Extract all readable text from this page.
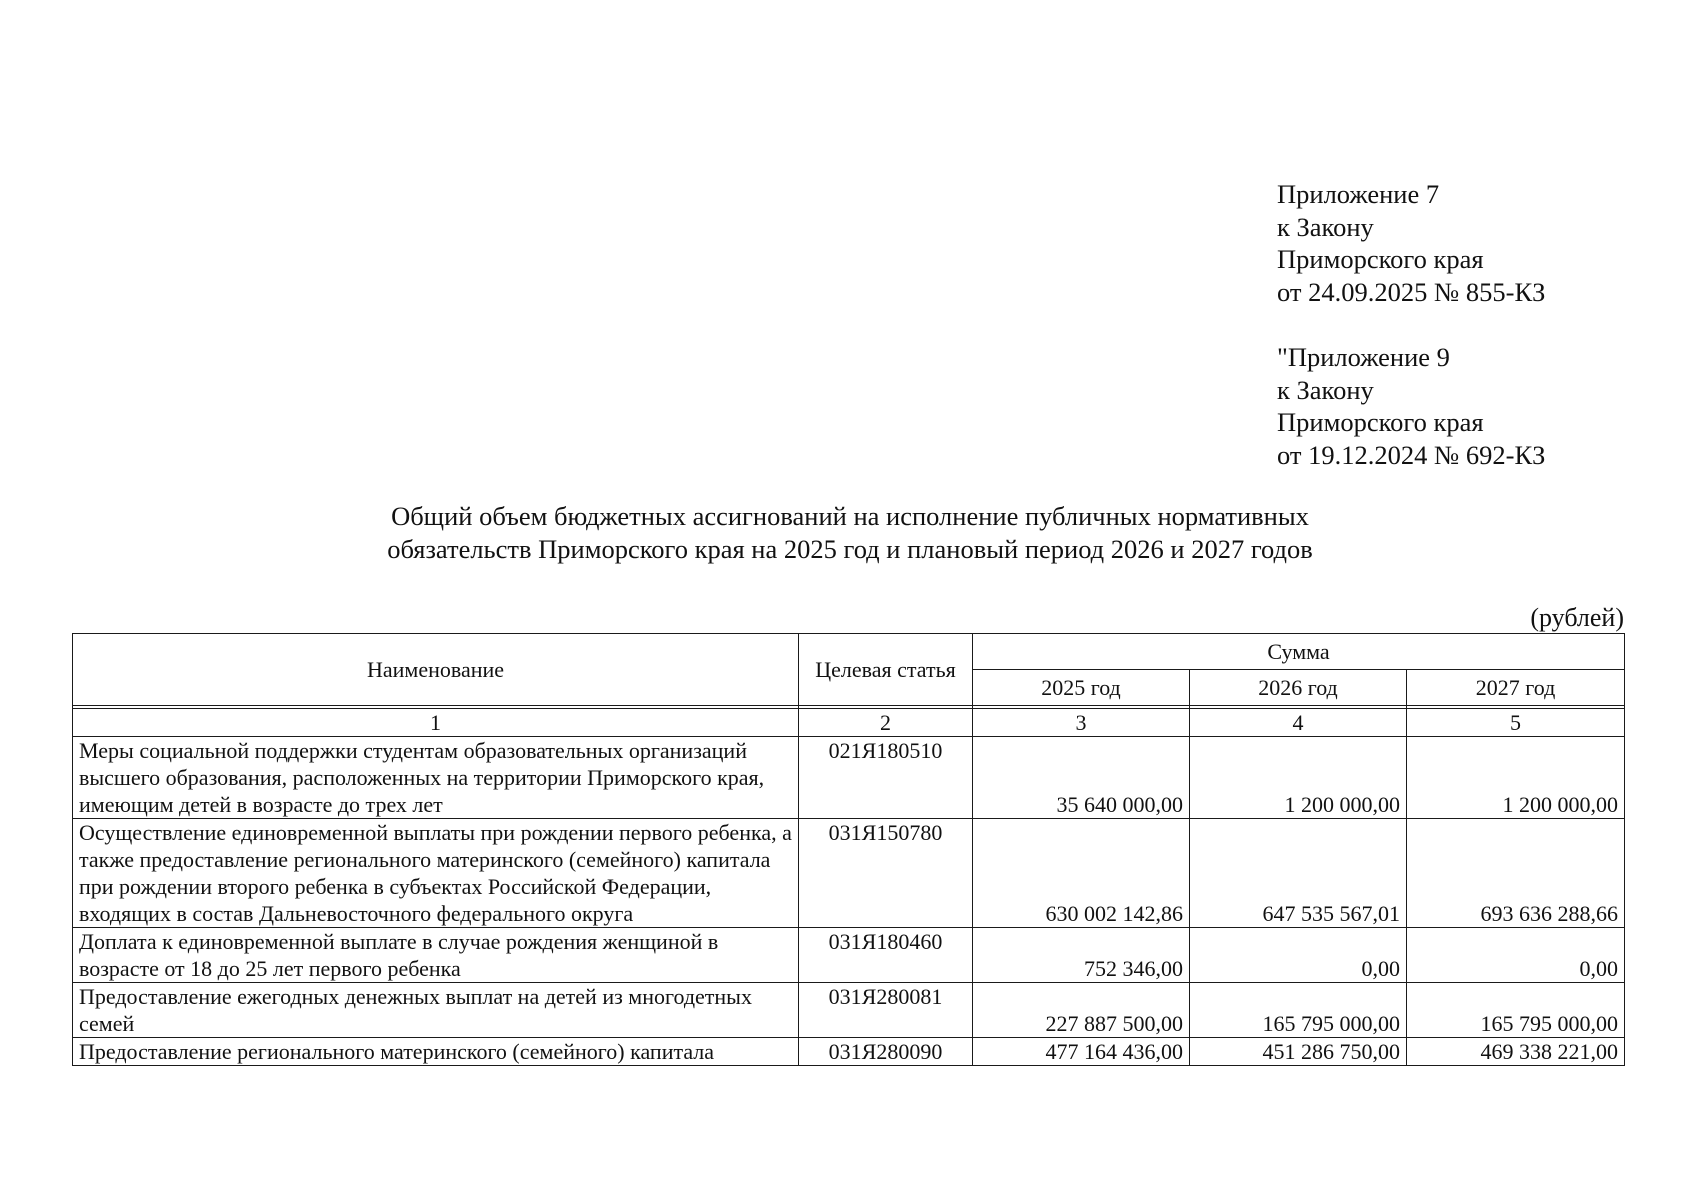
Приложение 7
к Закону
Приморского края
от 24.09.2025 № 855-КЗ
"Приложение 9
к Закону
Приморского края
от 19.12.2024 № 692-КЗ
Общий объем бюджетных ассигнований на исполнение публичных нормативных
обязательств Приморского края на 2025 год и плановый период 2026 и 2027 годов
(рублей)
Наименование	Целевая статья	Сумма		
		2025 год	2026 год	2027 год

1	2	3	4	5
Меры социальной поддержки студентам образовательных организаций высшего образования, расположенных на территории Приморского края, имеющим детей в возрасте до трех лет	021Я180510	35 640 000,00	1 200 000,00	1 200 000,00
Осуществление единовременной выплаты при рождении первого ребенка, а также предоставление регионального материнского (семейного) капитала при рождении второго ребенка в субъектах Российской Федерации, входящих в состав Дальневосточного федерального округа	031Я150780	630 002 142,86	647 535 567,01	693 636 288,66
Доплата к единовременной выплате в случае рождения женщиной в возрасте от 18 до 25 лет первого ребенка	031Я180460	752 346,00	0,00	0,00
Предоставление ежегодных денежных выплат на детей из многодетных семей	031Я280081	227 887 500,00	165 795 000,00	165 795 000,00
Предоставление регионального материнского (семейного) капитала	031Я280090	477 164 436,00	451 286 750,00	469 338 221,00
